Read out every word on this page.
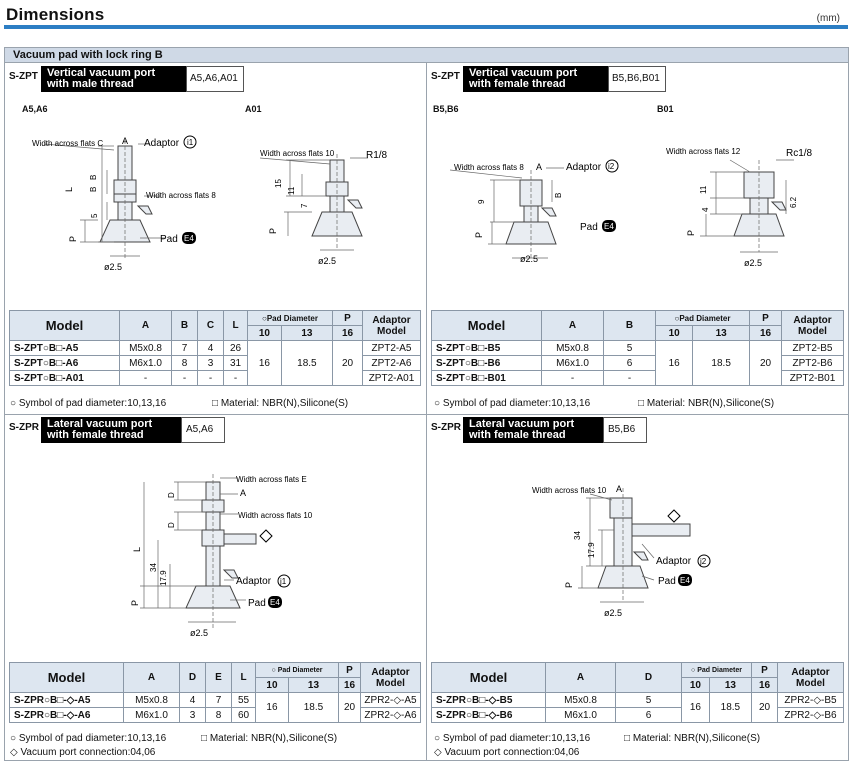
Dimensions	(mm)
Vacuum pad with lock ring B
S-ZPT Vertical vacuum port
with male thread	A5,A6,A01
A5,A6	A01
Width across flats C A Adaptor i1
L
B
B
5
Width across flats 8
Pad E4
P
ø2.5
Width across flats 10	R1/8
15
11
7
P
ø2.5
Model	A	B	C	L	○Pad Diameter		P	Adaptor
Model

					10	13	16	
S-ZPT○B□-A5	M5x0.8	7	4	26	16	18.5	20	ZPT2-A5
S-ZPT○B□-A6	M6x1.0	8	3	31				ZPT2-A6
S-ZPT○B□-A01	-	-	-	-				ZPT2-A01
○ Symbol of pad diameter:10,13,16	□ Material: NBR(N),Silicone(S)
S-ZPT Vertical vacuum port
with female thread	B5,B6,B01
B5,B6	B01
Width across flats 8 A Adaptor i2
9
B
P
Pad E4
ø2.5
Width across flats 12	Rc1/8
11
4
6.2
P
ø2.5
Model	A	B	○Pad Diameter		P	Adaptor
Model

			10	13	16	
S-ZPT○B□-B5	M5x0.8	5	16	18.5	20	ZPT2-B5
S-ZPT○B□-B6	M6x1.0	6				ZPT2-B6
S-ZPT○B□-B01	-	-				ZPT2-B01
○ Symbol of pad diameter:10,13,16	□ Material: NBR(N),Silicone(S)
S-ZPR Lateral vacuum port
with female thread	A5,A6
D
Width across flats E
A
D
Width across flats 10
L
34
17.9	Adaptor j1
Pad E4
P
ø2.5
Model	A	D	E	L	○ Pad Diameter		P	Adaptor
Model

					10	13	16	
S-ZPR○B□-◇-A5	M5x0.8	4	7	55	16	18.5	20	ZPR2-◇-A5
S-ZPR○B□-◇-A6	M6x1.0	3	8	60				ZPR2-◇-A6
○ Symbol of pad diameter:10,13,16	□ Material: NBR(N),Silicone(S)
◇ Vacuum port connection:04,06
S-ZPR Lateral vacuum port
with female thread	B5,B6
Width across flats 10 A
34
17.9
Adaptor j2
Pad E4
P
ø2.5
Model	A	D	○ Pad Diameter		P	Adaptor
Model

			10	13	16	
S-ZPR○B□-◇-B5	M5x0.8	5	16	18.5	20	ZPR2-◇-B5
S-ZPR○B□-◇-B6	M6x1.0	6				ZPR2-◇-B6
○ Symbol of pad diameter:10,13,16	□ Material: NBR(N),Silicone(S)
◇ Vacuum port connection:04,06
